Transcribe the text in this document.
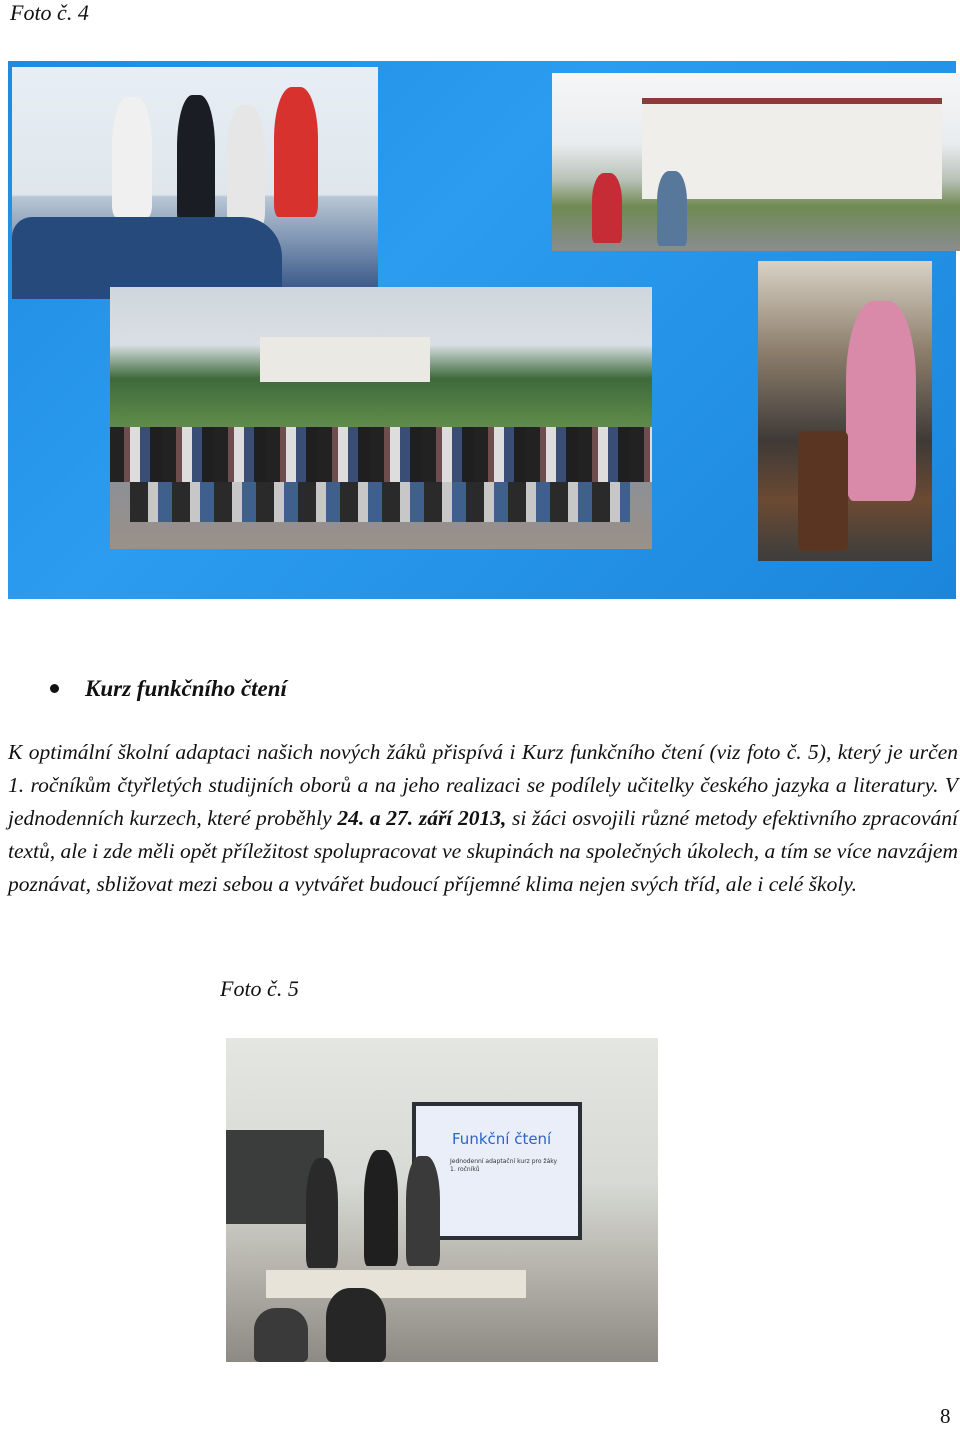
Foto č. 4
Kurz funkčního čtení
K optimální školní adaptaci našich nových žáků přispívá i Kurz funkčního čtení (viz foto č. 5), který je určen 1. ročníkům čtyřletých studijních oborů a na jeho realizaci se podílely učitelky českého jazyka a literatury. V jednodenních kurzech, které proběhly 24. a 27. září 2013, si žáci osvojili různé metody efektivního zpracování textů, ale i zde měli opět příležitost spolupracovat ve skupinách na společných úkolech, a tím se více navzájem poznávat, sbližovat mezi sebou a vytvářet budoucí příjemné klima nejen svých tříd, ale i celé školy.
Foto č. 5
Funkční čtení
Jednodenní adaptační kurz pro žáky 1. ročníků
8
